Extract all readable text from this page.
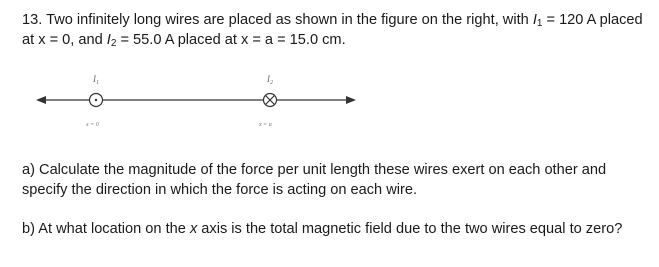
13. Two infinitely long wires are placed as shown in the figure on the right, with $I_1 = 120$ A placed at x = 0, and $I_2 = 55.0$ A placed at x = a = 15.0 cm.
$I_1$	$I_2$
x = 0	x = a
a) Calculate the magnitude of the force per unit length these wires exert on each other and specify the direction in which the force is acting on each wire.
b) At what location on the x axis is the total magnetic field due to the two wires equal to zero?
